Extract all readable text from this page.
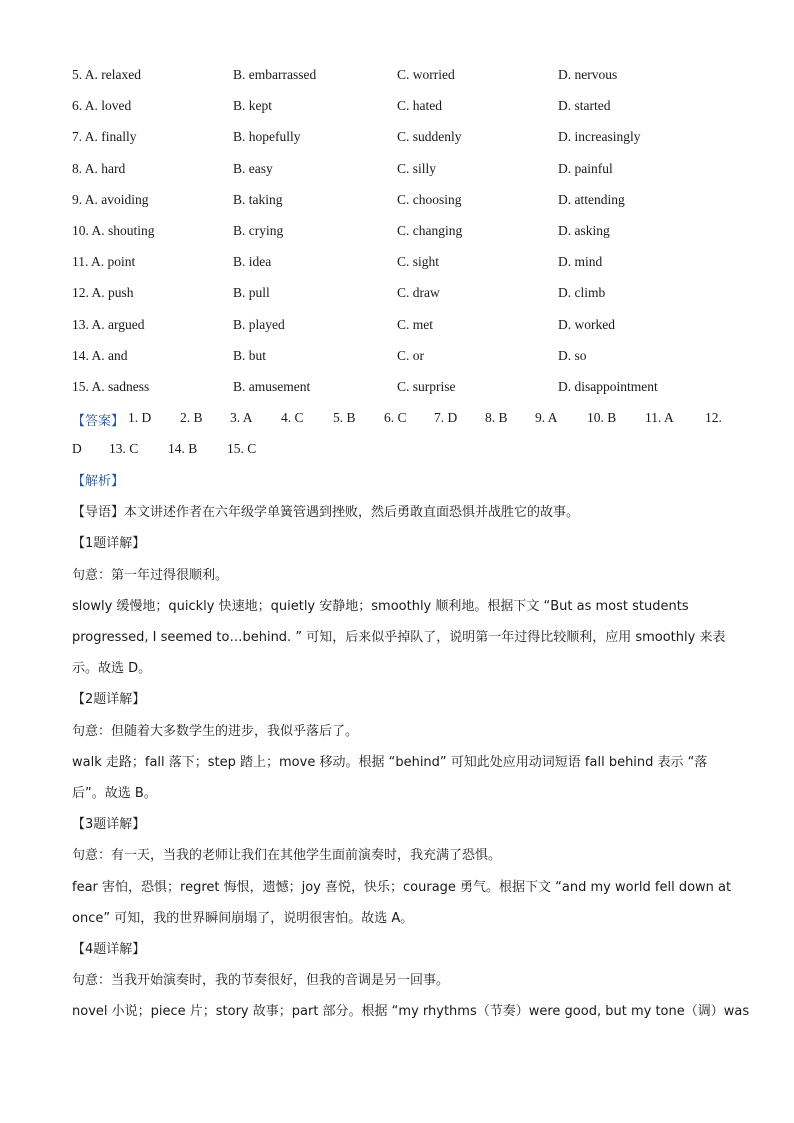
5. A. relaxed	B. embarrassed	C. worried	D. nervous
6. A. loved	B. kept	C. hated	D. started
7. A. finally	B. hopefully	C. suddenly	D. increasingly
8. A. hard	B. easy	C. silly	D. painful
9. A. avoiding	B. taking	C. choosing	D. attending
10. A. shouting	B. crying	C. changing	D. asking
11. A. point	B. idea	C. sight	D. mind
12. A. push	B. pull	C. draw	D. climb
13. A. argued	B. played	C. met	D. worked
14. A. and	B. but	C. or	D. so
15. A. sadness	B. amusement	C. surprise	D. disappointment
【答案】 1. D 2. B 3. A 4. C 5. B 6. C 7. D 8. B 9. A 10. B 11. A 12.
D 13. C 14. B 15. C
【解析】
【导语】本文讲述作者在六年级学单簧管遇到挫败，然后勇敢直面恐惧并战胜它的故事。
【1题详解】
句意：第一年过得很顺利。
slowly 缓慢地；quickly 快速地；quietly 安静地；smoothly 顺利地。根据下文 “But as most students
progressed, I seemed to…behind. ” 可知，后来似乎掉队了，说明第一年过得比较顺利，应用 smoothly 来表
示。故选 D。
【2题详解】
句意：但随着大多数学生的进步，我似乎落后了。
walk 走路；fall 落下；step 踏上；move 移动。根据 “behind” 可知此处应用动词短语 fall behind 表示 “落
后”。故选 B。
【3题详解】
句意：有一天，当我的老师让我们在其他学生面前演奏时，我充满了恐惧。
fear 害怕，恐惧；regret 悔恨，遗憾；joy 喜悦，快乐；courage 勇气。根据下文 “and my world fell down at
once” 可知，我的世界瞬间崩塌了，说明很害怕。故选 A。
【4题详解】
句意：当我开始演奏时，我的节奏很好，但我的音调是另一回事。
novel 小说；piece 片；story 故事；part 部分。根据 “my rhythms（节奏）were good, but my tone（调）was
